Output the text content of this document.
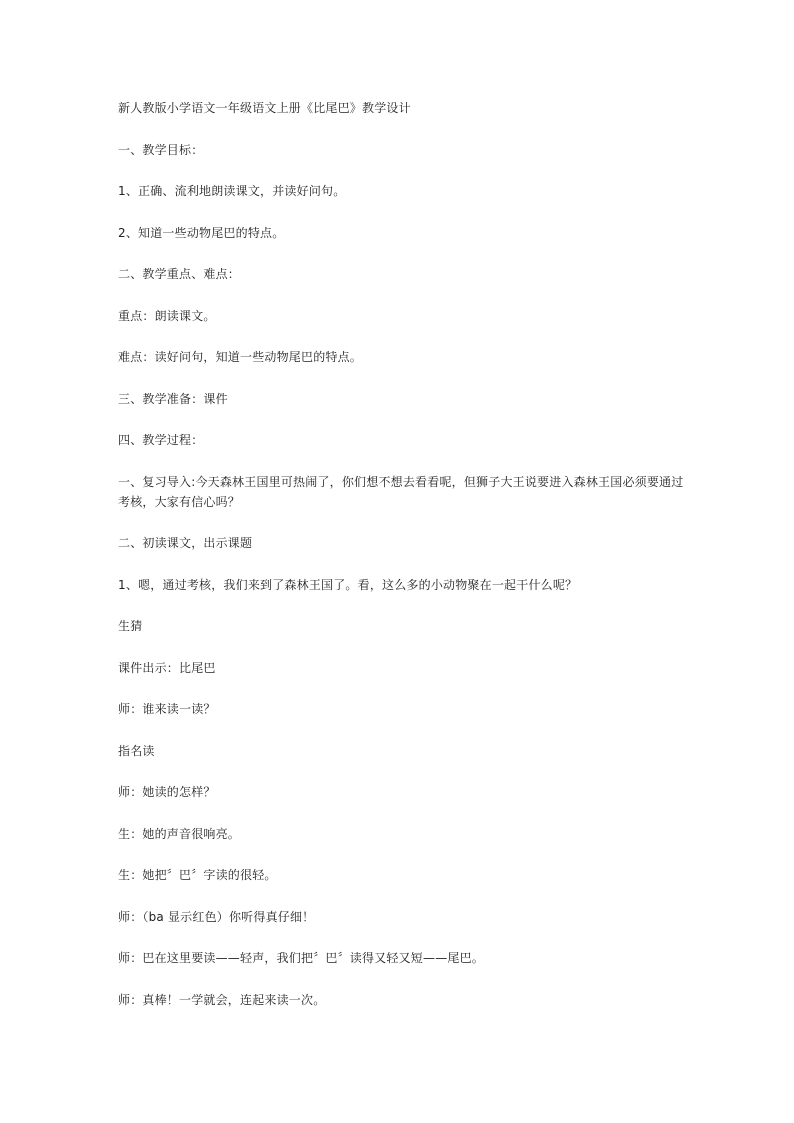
新人教版小学语文一年级语文上册《比尾巴》教学设计

一、教学目标：

1、正确、流利地朗读课文，并读好问句。

2、知道一些动物尾巴的特点。

二、教学重点、难点：

重点：朗读课文。

难点：读好问句，知道一些动物尾巴的特点。

三、教学准备：课件

四、教学过程：

一、复习导入:今天森林王国里可热闹了，你们想不想去看看呢，但狮子大王说要进入森林王国必须要通过考核，大家有信心吗？

二、初读课文，出示课题

1、嗯，通过考核，我们来到了森林王国了。看，这么多的小动物聚在一起干什么呢？

生猜

课件出示：比尾巴

师：谁来读一读？

指名读

师：她读的怎样？

生：她的声音很响亮。

生：她把〞巴〞字读的很轻。

师：（ba 显示红色）你听得真仔细！

师：巴在这里要读——轻声，我们把〞巴〞读得又轻又短——尾巴。

师：真棒！一学就会，连起来读一次。
